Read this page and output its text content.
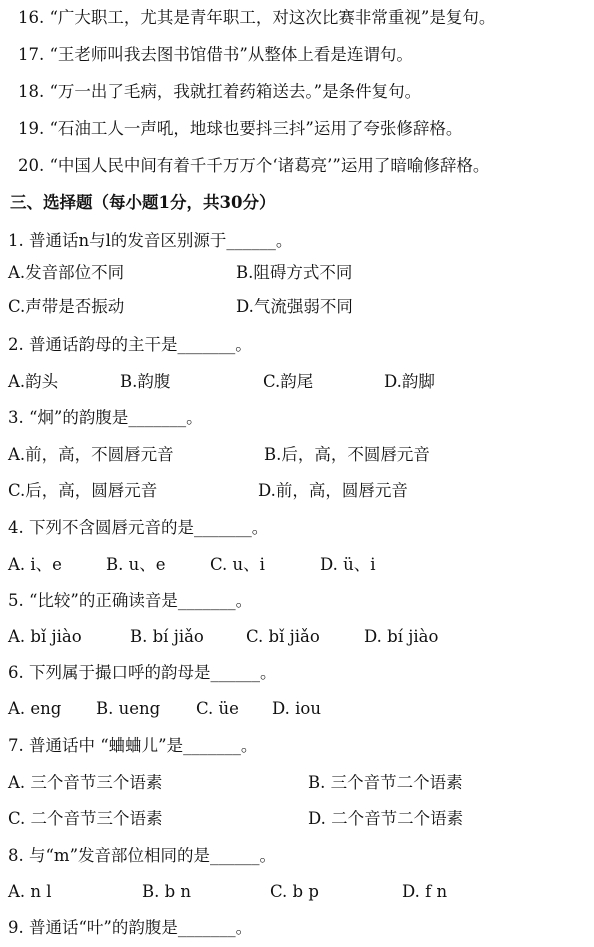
16. “广大职工，尤其是青年职工，对这次比赛非常重视”是复句。
17. “王老师叫我去图书馆借书”从整体上看是连谓句。
18. “万一出了毛病，我就扛着药箱送去。”是条件复句。
19. “石油工人一声吼，地球也要抖三抖”运用了夸张修辞格。
20. “中国人民中间有着千千万万个‘诸葛亮’”运用了暗喻修辞格。
三、选择题（每小题1分，共30分）
1. 普通话n与l的发音区别源于______。
A.发音部位不同	B.阻碍方式不同
C.声带是否振动	D.气流强弱不同
2. 普通话韵母的主干是_______。
A.韵头	B.韵腹	C.韵尾	D.韵脚
3. “炯”的韵腹是_______。
A.前，高，不圆唇元音	B.后，高，不圆唇元音
C.后，高，圆唇元音	D.前，高，圆唇元音
4. 下列不含圆唇元音的是_______。
A. i、e	B. u、e	C. u、i	D. ü、i
5. “比较”的正确读音是_______。
A. bǐ jiào	B. bí jiǎo	C. bǐ jiǎo	D. bí jiào
6. 下列属于撮口呼的韵母是______。
A. eng B. ueng C. üe D. iou
7. 普通话中 “蛐蛐儿”是_______。
A. 三个音节三个语素	B. 三个音节二个语素
C. 二个音节三个语素	D. 二个音节二个语素
8. 与“m”发音部位相同的是______。
A. n l	B. b n	C. b p	D. f n
9. 普通话“叶”的韵腹是_______。
